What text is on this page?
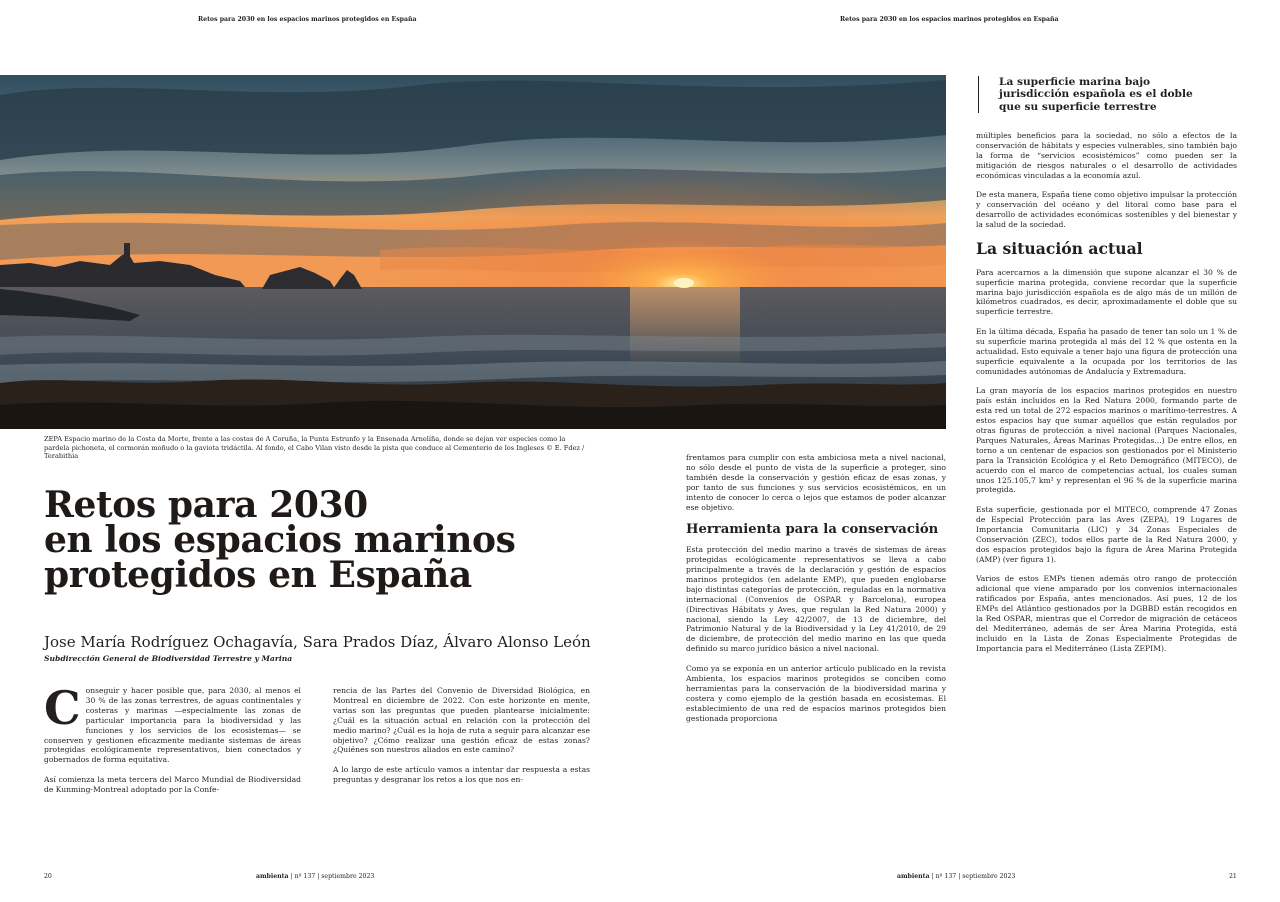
Retos para 2030 en los espacios marinos protegidos en España	Retos para 2030 en los espacios marinos protegidos en España
ZEPA Espacio marino de la Costa da Morte, frente a las costas de A Coruña, la Punta Estrunfo y la Ensenada Arnelíña, donde se dejan ver especies como la pardela pichoneta, el cormorán moñudo o la gaviota tridáctila. Al fondo, el Cabo Vilan visto desde la pista que conduce al Cementerio de los Ingleses © E. Fdez / Terabithia
Retos para 2030
en los espacios marinos
protegidos en España
Jose María Rodríguez Ochagavía, Sara Prados Díaz, Álvaro Alonso León
Subdirección General de Biodiversidad Terrestre y Marina

Conseguir y hacer posible que, para 2030, al menos el 30 % de las zonas terrestres, de aguas continentales y costeras y marinas —especialmente las zonas de particular importancia para la biodiversidad y las funciones y los servicios de los ecosistemas— se conserven y gestionen eficazmente mediante sistemas de áreas protegidas ecológicamente representativos, bien conectados y gobernados de forma equitativa.

Así comienza la meta tercera del Marco Mundial de Biodiversidad de Kunming-Montreal adoptado por la Confe-

rencia de las Partes del Convenio de Diversidad Biológica, en Montreal en diciembre de 2022. Con este horizonte en mente, varias son las preguntas que pueden plantearse inicialmente: ¿Cuál es la situación actual en relación con la protección del medio marino? ¿Cuál es la hoja de ruta a seguir para alcanzar ese objetivo? ¿Cómo realizar una gestión eficaz de estas zonas? ¿Quiénes son nuestros aliados en este camino?

A lo largo de este artículo vamos a intentar dar respuesta a estas preguntas y desgranar los retos a los que nos en-

frentamos para cumplir con esta ambiciosa meta a nivel nacional, no sólo desde el punto de vista de la superficie a proteger, sino también desde la conservación y gestión eficaz de esas zonas, y por tanto de sus funciones y sus servicios ecosistémicos, en un intento de conocer lo cerca o lejos que estamos de poder alcanzar ese objetivo.

Herramienta para la conservación

Esta protección del medio marino a través de sistemas de áreas protegidas ecológicamente representativos se lleva a cabo principalmente a través de la declaración y gestión de espacios marinos protegidos (en adelante EMP), que pueden englobarse bajo distintas categorías de protección, reguladas en la normativa internacional (Convenios de OSPAR y Barcelona), europea (Directivas Hábitats y Aves, que regulan la Red Natura 2000) y nacional, siendo la Ley 42/2007, de 13 de diciembre, del Patrimonio Natural y de la Biodiversidad y la Ley 41/2010, de 29 de diciembre, de protección del medio marino en las que queda definido su marco jurídico básico a nivel nacional.

Como ya se exponía en un anterior artículo publicado en la revista Ambienta, los espacios marinos protegidos se conciben como herramientas para la conservación de la biodiversidad marina y costera y como ejemplo de la gestión basada en ecosistemas. El establecimiento de una red de espacios marinos protegidos bien gestionada proporciona

La superficie marina bajo jurisdicción española es el doble que su superficie terrestre

múltiples beneficios para la sociedad, no sólo a efectos de la conservación de hábitats y especies vulnerables, sino también bajo la forma de “servicios ecosistémicos” como pueden ser la mitigación de riesgos naturales o el desarrollo de actividades económicas vinculadas a la economía azul.

De esta manera, España tiene como objetivo impulsar la protección y conservación del océano y del litoral como base para el desarrollo de actividades económicas sostenibles y del bienestar y la salud de la sociedad.

La situación actual

Para acercarnos a la dimensión que supone alcanzar el 30 % de superficie marina protegida, conviene recordar que la superficie marina bajo jurisdicción española es de algo más de un millón de kilómetros cuadrados, es decir, aproximadamente el doble que su superficie terrestre.

En la última década, España ha pasado de tener tan solo un 1 % de su superficie marina protegida al más del 12 % que ostenta en la actualidad. Esto equivale a tener bajo una figura de protección una superficie equivalente a la ocupada por los territorios de las comunidades autónomas de Andalucía y Extremadura.

La gran mayoría de los espacios marinos protegidos en nuestro país están incluidos en la Red Natura 2000, formando parte de esta red un total de 272 espacios marinos o marítimo-terrestres. A estos espacios hay que sumar aquéllos que están regulados por otras figuras de protección a nivel nacional (Parques Nacionales, Parques Naturales, Áreas Marinas Protegidas...) De entre ellos, en torno a un centenar de espacios son gestionados por el Ministerio para la Transición Ecológica y el Reto Demográfico (MITECO), de acuerdo con el marco de competencias actual, los cuales suman unos 125.105,7 km² y representan el 96 % de la superficie marina protegida.

Esta superficie, gestionada por el MITECO, comprende 47 Zonas de Especial Protección para las Aves (ZEPA), 19 Lugares de Importancia Comunitaria (LIC) y 34 Zonas Especiales de Conservación (ZEC), todos ellos parte de la Red Natura 2000, y dos espacios protegidos bajo la figura de Área Marina Protegida (AMP) (ver figura 1).

Varios de estos EMPs tienen además otro rango de protección adicional que viene amparado por los convenios internacionales ratificados por España, antes mencionados. Así pues, 12 de los EMPs del Atlántico gestionados por la DGBBD están recogidos en la Red OSPAR, mientras que el Corredor de migración de cetáceos del Mediterráneo, además de ser Área Marina Protegida, está incluido en la Lista de Zonas Especialmente Protegidas de Importancia para el Mediterráneo (Lista ZEPIM).

20	ambienta | nº 137 | septiembre 2023	ambienta | nº 137 | septiembre 2023	21
